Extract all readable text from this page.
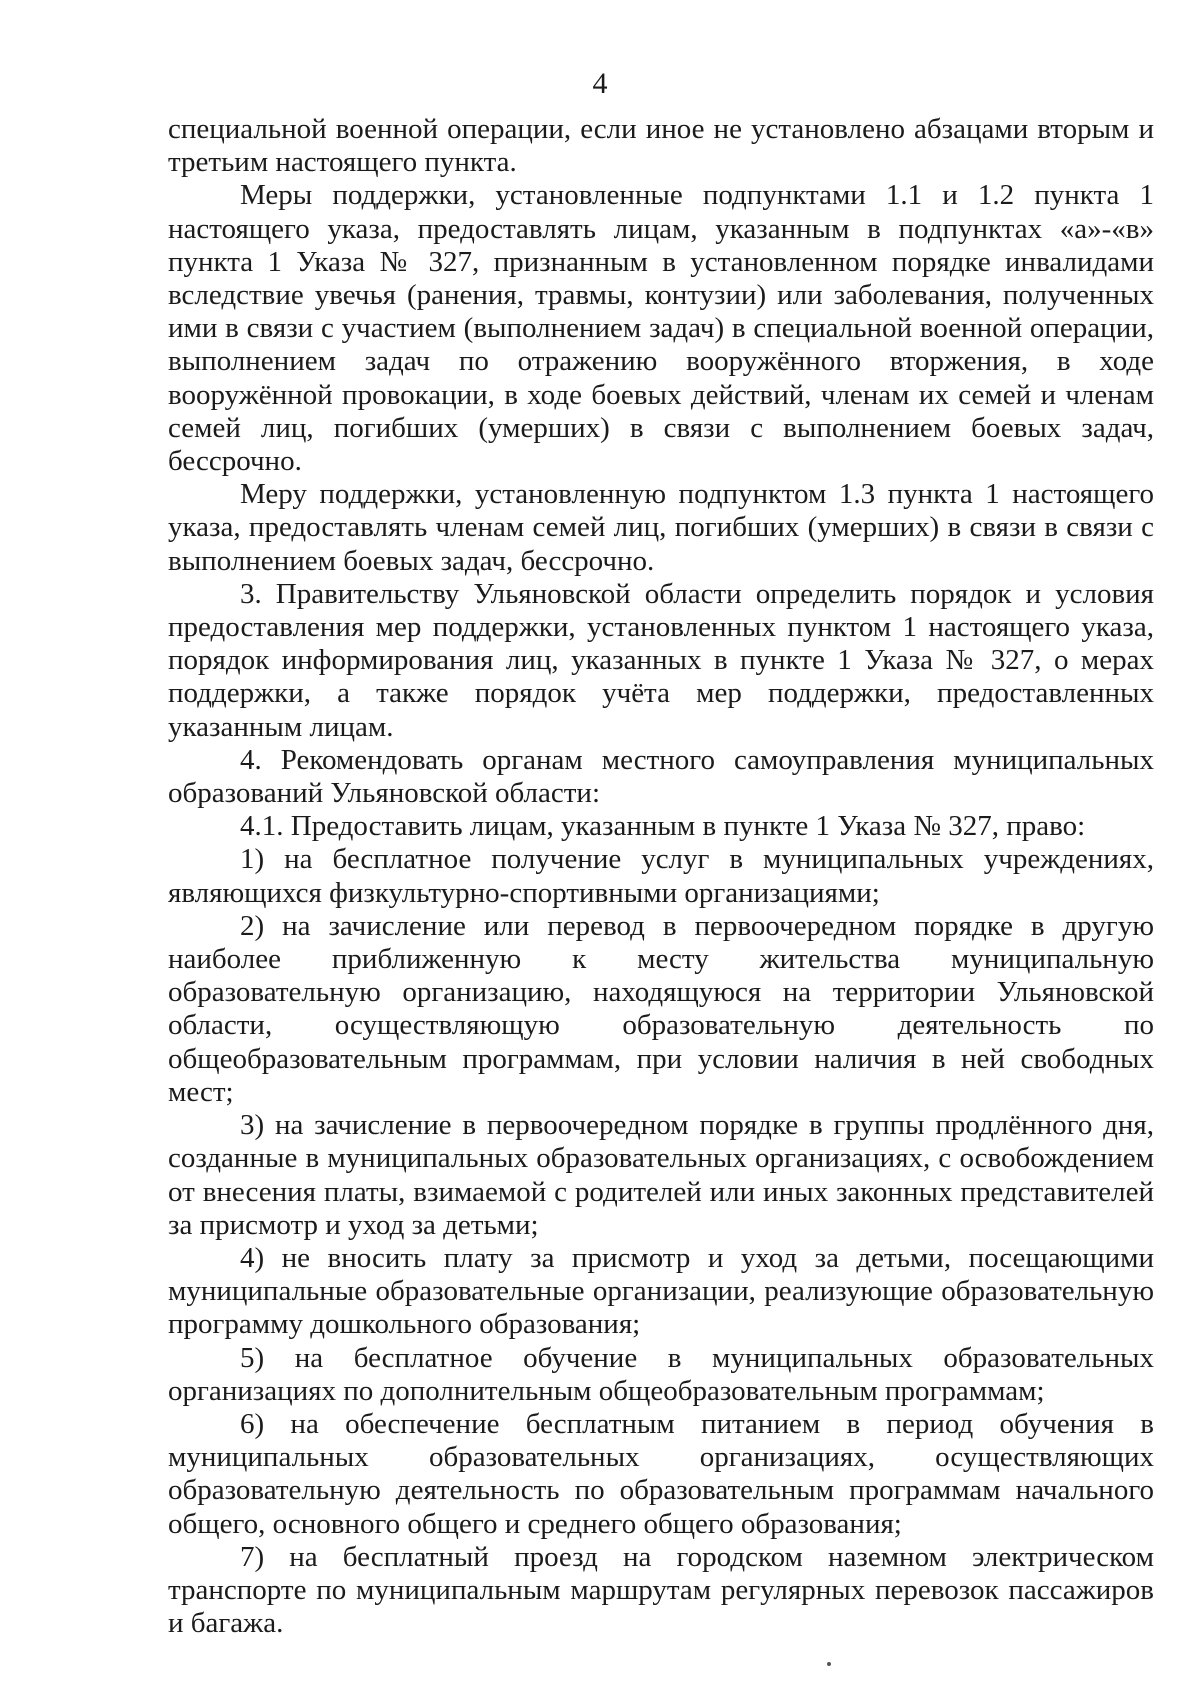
4

специальной военной операции, если иное не установлено абзацами вторым и третьим настоящего пункта.

Меры поддержки, установленные подпунктами 1.1 и 1.2 пункта 1 настоящего указа, предоставлять лицам, указанным в подпунктах «а»-«в» пункта 1 Указа № 327, признанным в установленном порядке инвалидами вследствие увечья (ранения, травмы, контузии) или заболевания, полученных ими в связи с участием (выполнением задач) в специальной военной операции, выполнением задач по отражению вооружённого вторжения, в ходе вооружённой провокации, в ходе боевых действий, членам их семей и членам семей лиц, погибших (умерших) в связи с выполнением боевых задач, бессрочно.

Меру поддержки, установленную подпунктом 1.3 пункта 1 настоящего указа, предоставлять членам семей лиц, погибших (умерших) в связи в связи с выполнением боевых задач, бессрочно.

3. Правительству Ульяновской области определить порядок и условия предоставления мер поддержки, установленных пунктом 1 настоящего указа, порядок информирования лиц, указанных в пункте 1 Указа № 327, о мерах поддержки, а также порядок учёта мер поддержки, предоставленных указанным лицам.

4. Рекомендовать органам местного самоуправления муниципальных образований Ульяновской области:

4.1. Предоставить лицам, указанным в пункте 1 Указа № 327, право:

1) на бесплатное получение услуг в муниципальных учреждениях, являющихся физкультурно-спортивными организациями;

2) на зачисление или перевод в первоочередном порядке в другую наиболее приближенную к месту жительства муниципальную образовательную организацию, находящуюся на территории Ульяновской области, осуществляющую образовательную деятельность по общеобразовательным программам, при условии наличия в ней свободных мест;

3) на зачисление в первоочередном порядке в группы продлённого дня, созданные в муниципальных образовательных организациях, с освобождением от внесения платы, взимаемой с родителей или иных законных представителей за присмотр и уход за детьми;

4) не вносить плату за присмотр и уход за детьми, посещающими муниципальные образовательные организации, реализующие образовательную программу дошкольного образования;

5) на бесплатное обучение в муниципальных образовательных организациях по дополнительным общеобразовательным программам;

6) на обеспечение бесплатным питанием в период обучения в муниципальных образовательных организациях, осуществляющих образовательную деятельность по образовательным программам начального общего, основного общего и среднего общего образования;

7) на бесплатный проезд на городском наземном электрическом транспорте по муниципальным маршрутам регулярных перевозок пассажиров и багажа.
